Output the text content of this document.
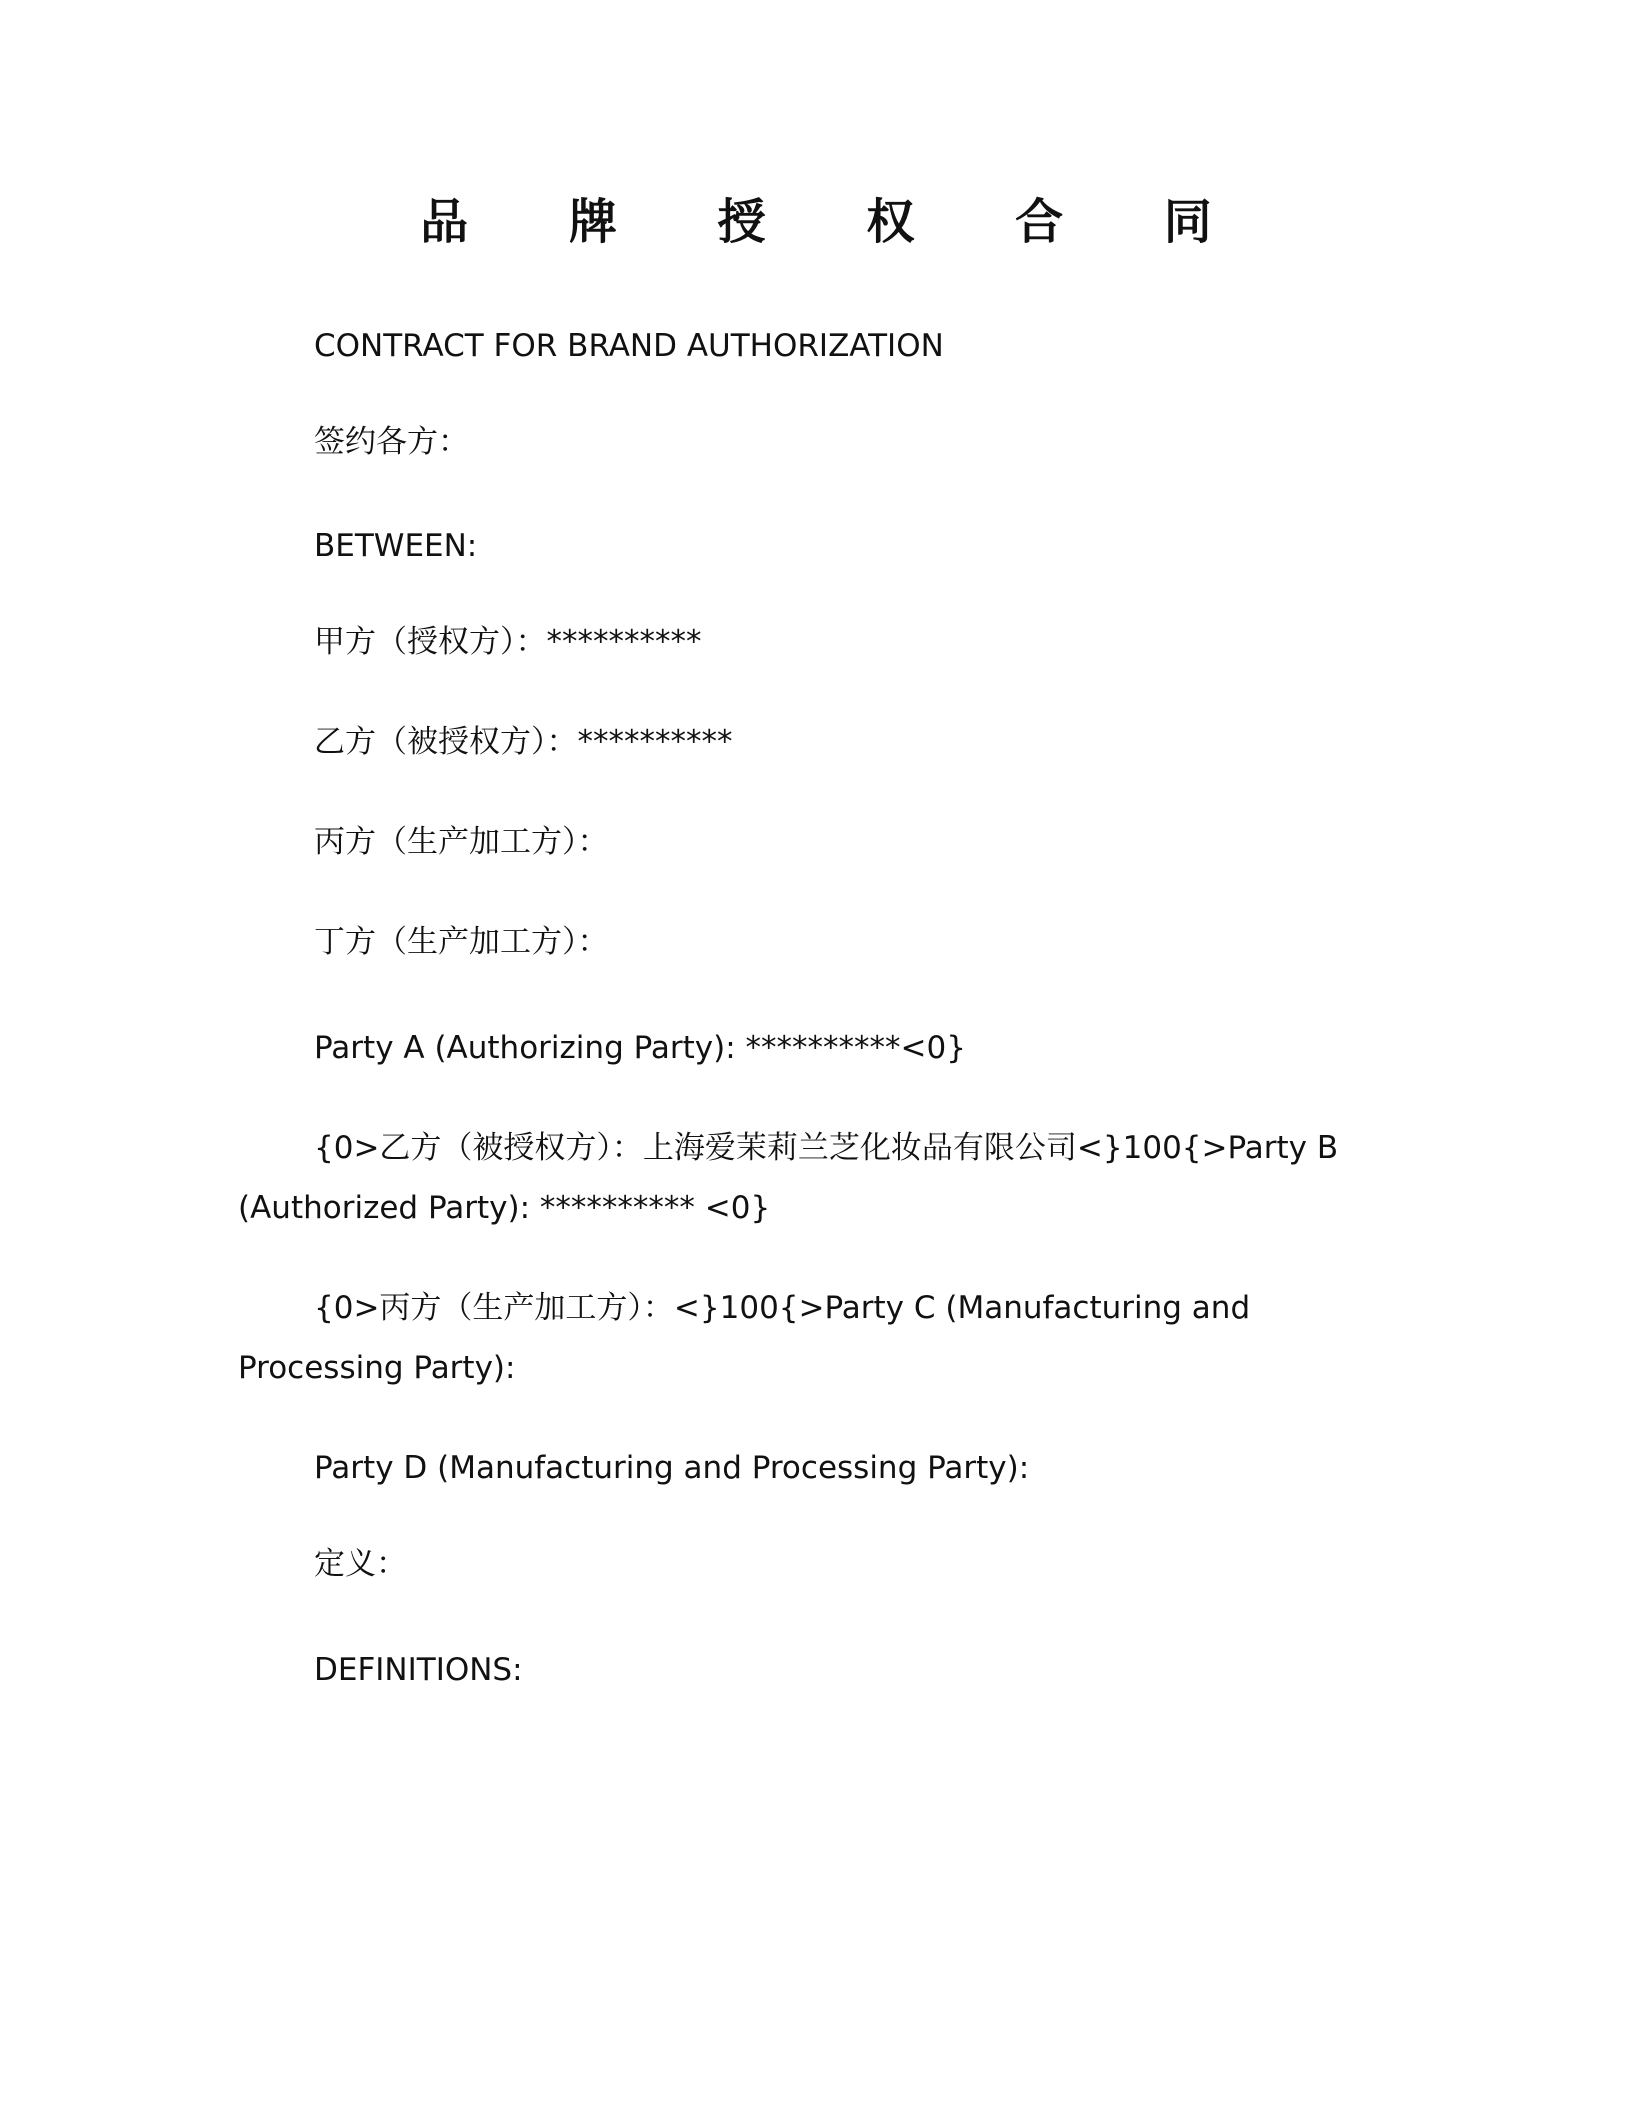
品 牌 授 权 合 同
CONTRACT FOR BRAND AUTHORIZATION
签约各方：
BETWEEN:
甲方（授权方）：**********
乙方（被授权方）：**********
丙方（生产加工方）：
丁方（生产加工方）：
Party A (Authorizing Party): **********<0}
{0>乙方（被授权方）：上海爱茉莉兰芝化妆品有限公司<}100{>Party B (Authorized Party): ********** <0}
{0>丙方（生产加工方）：<}100{>Party C (Manufacturing and Processing Party):
Party D (Manufacturing and Processing Party):
定义：
DEFINITIONS:
